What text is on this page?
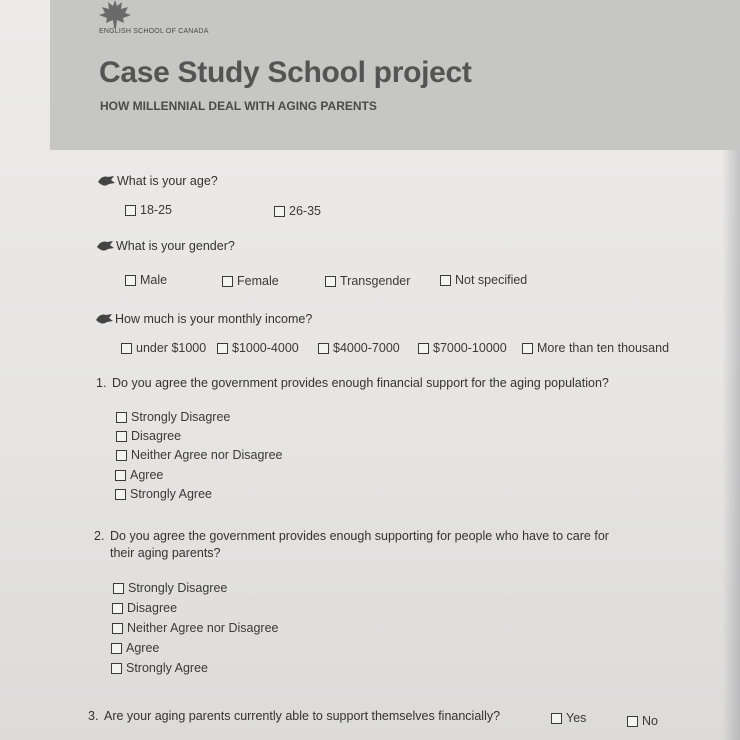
ENGLISH SCHOOL OF CANADA
Case Study School project
HOW MILLENNIAL DEAL WITH AGING PARENTS
What is your age?
18-25	26-35
What is your gender?
Male	Female	Transgender	Not specified
How much is your monthly income?
under $1000 $1000-4000	$4000-7000	$7000-10000 More than ten thousand
1. Do you agree the government provides enough financial support for the aging population?
Strongly Disagree
Disagree
Neither Agree nor Disagree
Agree
Strongly Agree
2. Do you agree the government provides enough supporting for people who have to care for
their aging parents?
Strongly Disagree
Disagree
Neither Agree nor Disagree
Agree
Strongly Agree
3. Are your aging parents currently able to support themselves financially?	Yes	No
